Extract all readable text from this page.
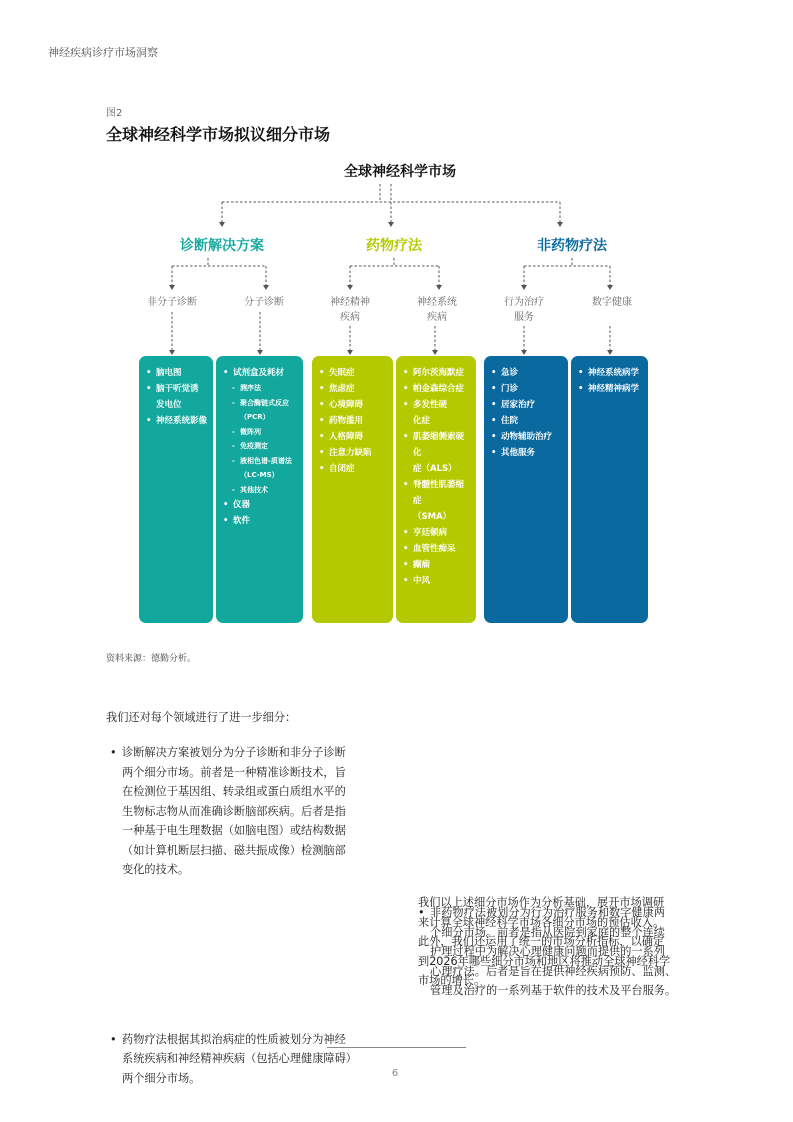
神经疾病诊疗市场洞察
图2
全球神经科学市场拟议细分市场
全球神经科学市场
诊断解决方案	药物疗法	非药物疗法
非分子诊断	分子诊断	神经精神
疾病
神经系统
疾病
行为治疗
服务
数字健康
• 脑电图
• 脑干听觉诱
发电位
• 神经系统影像
• 试剂盒及耗材
- 测序法
- 聚合酶链式反应
（PCR）
- 微阵列
- 免疫测定
- 液相色谱-质谱法
（LC-MS）
- 其他技术
• 仪器
• 软件
• 失眠症
• 焦虑症
• 心境障碍
• 药物滥用
• 人格障碍
• 注意力缺陷
• 自闭症
• 阿尔茨海默症
• 帕金森综合症
• 多发性硬
化症
• 肌萎缩侧索硬化
症（ALS）
• 脊髓性肌萎缩症
（SMA）
• 亨廷顿病
• 血管性痴呆
• 癫痫
• 中风
• 急诊
• 门诊
• 居家治疗
• 住院
• 动物辅助治疗
• 其他服务
• 神经系统病学
• 神经精神病学
资料来源：德勤分析。
我们还对每个领域进行了进一步细分：
• 诊断解决方案被划分为分子诊断和非分子诊断
两个细分市场。前者是一种精准诊断技术，旨
在检测位于基因组、转录组或蛋白质组水平的
生物标志物从而准确诊断脑部疾病。后者是指
一种基于电生理数据（如脑电图）或结构数据
（如计算机断层扫描、磁共振成像）检测脑部
变化的技术。
• 药物疗法根据其拟治病症的性质被划分为神经
系统疾病和神经精神疾病（包括心理健康障碍）
两个细分市场。
• 非药物疗法被划分为行为治疗服务和数字健康两
个细分市场。前者是指从医院到家庭的整个连续
护理过程中为解决心理健康问题而提供的一系列
心理疗法。后者是旨在提供神经疾病预防、监测、
管理及治疗的一系列基于软件的技术及平台服务。
我们以上述细分市场作为分析基础，展开市场调研
来计算全球神经科学市场各细分市场的预估收入。
此外，我们还运用了统一的市场分析指标，以确定
到2026年哪些细分市场和地区将推动全球神经科学
市场的增长。
6
